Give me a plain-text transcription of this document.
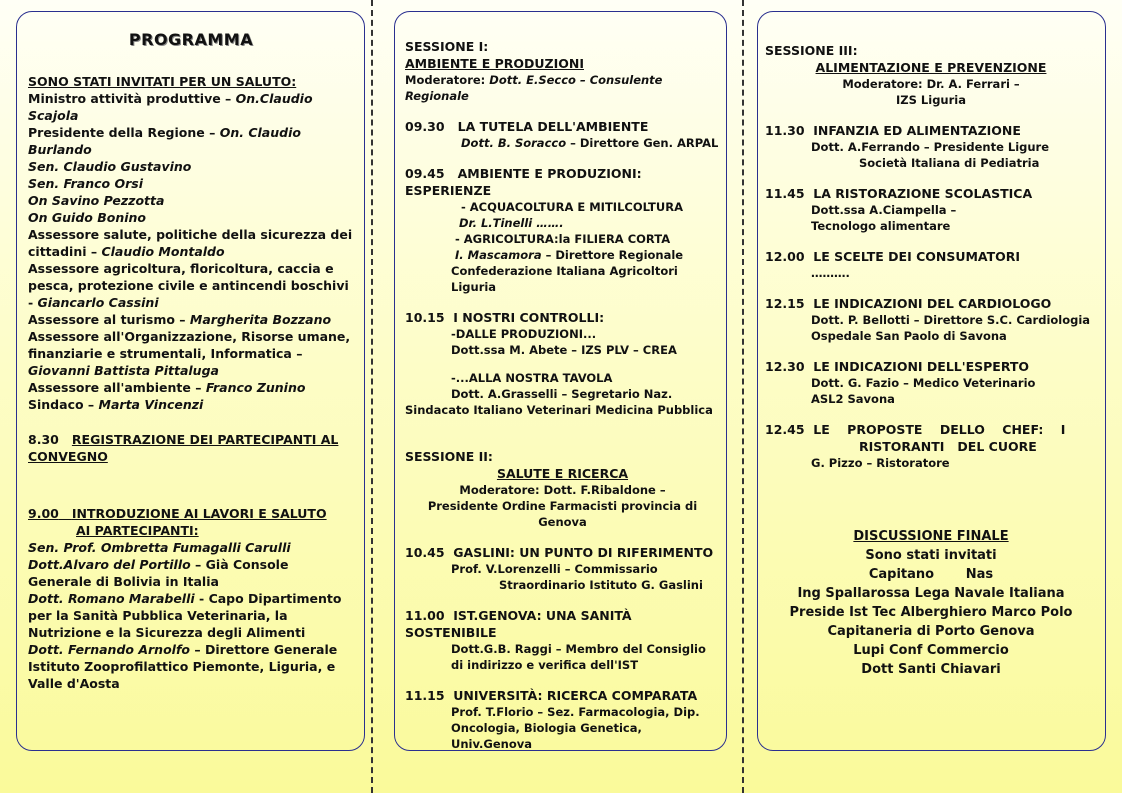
PROGRAMMA

SONO STATI INVITATI PER UN SALUTO:

Ministro attività produttive – On.Claudio Scajola

Presidente della Regione – On. Claudio Burlando

Sen. Claudio Gustavino

Sen. Franco Orsi

On Savino Pezzotta

On Guido Bonino

Assessore salute, politiche della sicurezza dei cittadini – Claudio Montaldo

Assessore agricoltura, floricoltura, caccia e pesca, protezione civile e antincendi boschivi - Giancarlo Cassini

Assessore al turismo – Margherita Bozzano

Assessore all'Organizzazione, Risorse umane, finanziarie e strumentali, Informatica – Giovanni Battista Pittaluga

Assessore all'ambiente – Franco Zunino

Sindaco – Marta Vincenzi

8.30 REGISTRAZIONE DEI PARTECIPANTI AL CONVEGNO

9.00 INTRODUZIONE AI LAVORI E SALUTO

AI PARTECIPANTI:

Sen. Prof. Ombretta Fumagalli Carulli

Dott.Alvaro del Portillo – Già Console Generale di Bolivia in Italia

Dott. Romano Marabelli - Capo Dipartimento per la Sanità Pubblica Veterinaria, la Nutrizione e la Sicurezza degli Alimenti

Dott. Fernando Arnolfo – Direttore Generale Istituto Zooprofilattico Piemonte, Liguria, e Valle d'Aosta

SESSIONE I:

AMBIENTE E PRODUZIONI

Moderatore: Dott. E.Secco – Consulente Regionale

09.30 LA TUTELA DELL'AMBIENTE

Dott. B. Soracco – Direttore Gen. ARPAL

09.45 AMBIENTE E PRODUZIONI: ESPERIENZE

- ACQUACOLTURA E MITILCOLTURA

Dr. L.Tinelli …….

- AGRICOLTURA:la FILIERA CORTA

I. Mascamora – Direttore Regionale

Confederazione Italiana Agricoltori Liguria

10.15 I NOSTRI CONTROLLI:

-DALLE PRODUZIONI...

Dott.ssa M. Abete – IZS PLV – CREA

-...ALLA NOSTRA TAVOLA

Dott. A.Grasselli – Segretario Naz.

Sindacato Italiano Veterinari Medicina Pubblica

SESSIONE II:

SALUTE E RICERCA

Moderatore: Dott. F.Ribaldone –

Presidente Ordine Farmacisti provincia di Genova

10.45 GASLINI: UN PUNTO DI RIFERIMENTO

Prof. V.Lorenzelli – Commissario

Straordinario Istituto G. Gaslini

11.00 IST.GENOVA: UNA SANITÀ SOSTENIBILE

Dott.G.B. Raggi – Membro del Consiglio di indirizzo e verifica dell'IST

11.15 UNIVERSITÀ: RICERCA COMPARATA

Prof. T.Florio – Sez. Farmacologia, Dip. Oncologia, Biologia Genetica, Univ.Genova

SESSIONE III:

ALIMENTAZIONE E PREVENZIONE

Moderatore: Dr. A. Ferrari –

IZS Liguria

11.30 INFANZIA ED ALIMENTAZIONE

Dott. A.Ferrando – Presidente Ligure

Società Italiana di Pediatria

11.45 LA RISTORAZIONE SCOLASTICA

Dott.ssa A.Ciampella –

Tecnologo alimentare

12.00 LE SCELTE DEI CONSUMATORI

……….

12.15 LE INDICAZIONI DEL CARDIOLOGO

Dott. P. Bellotti – Direttore S.C. Cardiologia

Ospedale San Paolo di Savona

12.30 LE INDICAZIONI DELL'ESPERTO

Dott. G. Fazio – Medico Veterinario

ASL2 Savona

12.45 LE    PROPOSTE    DELLO    CHEF:    I

RISTORANTI   DEL CUORE

G. Pizzo – Ristoratore

DISCUSSIONE FINALE

Sono stati invitati

Capitano       Nas

Ing Spallarossa Lega Navale Italiana

Preside Ist Tec Alberghiero Marco Polo

Capitaneria di Porto Genova

Lupi Conf Commercio

Dott Santi Chiavari
